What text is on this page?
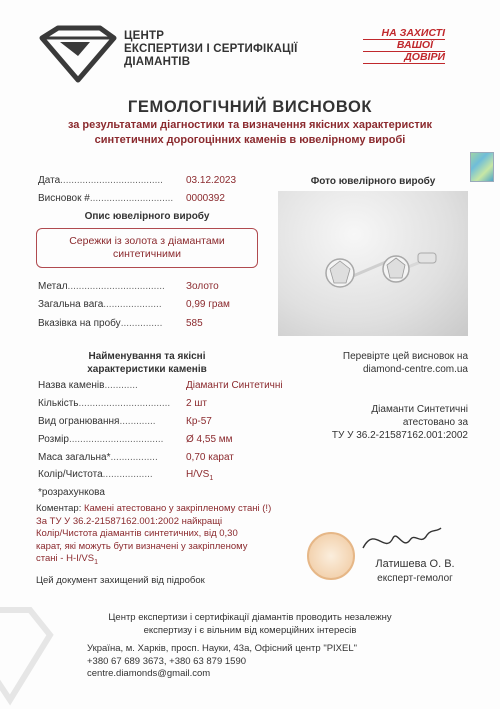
ЦЕНТР
ЕКСПЕРТИЗИ І СЕРТИФІКАЦІЇ
ДІАМАНТІВ
НА ЗАХИСТІ
ВАШОЇ
ДОВІРИ
ГЕМОЛОГІЧНИЙ ВИСНОВОК
за результатами діагностики та визначення якісних характеристик
синтетичних дорогоцінних каменів в ювелірному виробі
Дата..................................... 03.12.2023
Висновок #.............................. 0000392
Опис ювелірного виробу
Сережки із золота з діамантами
синтетичними
Метал................................... Золото
Загальна вага..................... 0,99 грам
Вказівка на пробу............... 585
Фото ювелірного виробу
Найменування та якісні
характеристики каменів
Назва каменів............	Діаманти Синтетичні
Кількість................................. 2 шт
Вид огранювання.............	Кр-57
Розмір.................................. Ø 4,55 мм
Маса загальна*.................	0,70 карат
Колір/Чистота..................	$H/VS_1$
*розрахункова
Перевірте цей висновок на
diamond-centre.com.ua
Діаманти Синтетичні
атестовано за
ТУ У 36.2-21587162.001:2002
Коментар: Камені атестовано у закріпленому стані (!)
За ТУ У 36.2-21587162.001:2002 найкращі
Колір/Чистота діамантів синтетичних, від 0,30
карат, які можуть бути визначені у закріпленому
стані - $H-I/VS_1$
Цей документ захищений від підробок
Латишева О. В.
експерт-гемолог
Центр експертизи і сертифікації діамантів проводить незалежну
експертизу і є вільним від комерційних інтересів
Україна, м. Харків, просп. Науки, 43а, Офісний центр "PIXEL"
+380 67 689 3673, +380 63 879 1590
centre.diamonds@gmail.com
